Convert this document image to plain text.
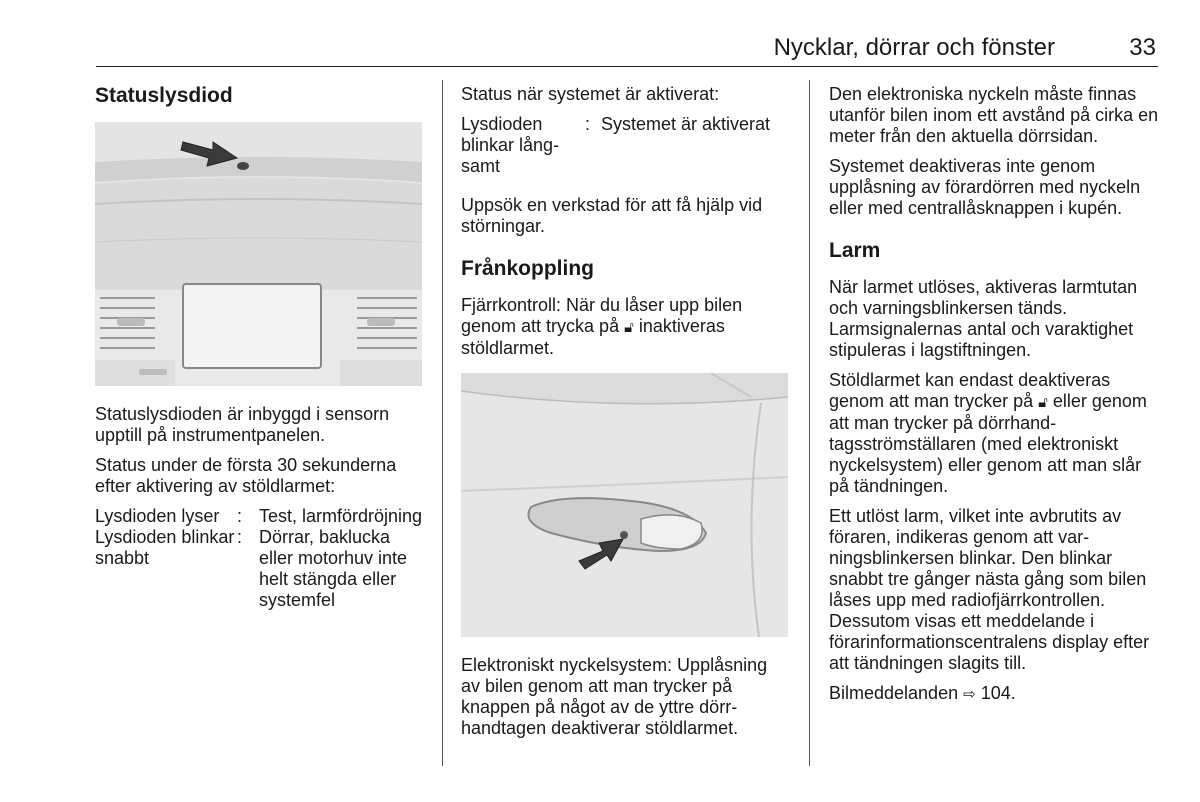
Nycklar, dörrar och fönster	33
Statuslysdiod

Statuslysdioden är inbyggd i sensorn upptill på instrumentpanelen.

Status under de första 30 sekunderna efter aktivering av stöldlarmet:

Lysdioden lyser : Test, larmfördröjning
Lysdioden blinkar snabbt
: Dörrar, baklucka eller motorhuv inte helt stängda eller systemfel

Status när systemet är aktiverat:

Lysdioden blinkar långsamt
: Systemet är aktiverat

Uppsök en verkstad för att få hjälp vid störningar.

Frånkoppling

Fjärrkontroll: När du låser upp bilen genom att trycka på 🔓︎ inaktiveras stöldlarmet.

Elektroniskt nyckelsystem: Upplåsning av bilen genom att man trycker på knappen på något av de yttre dörrhandtagen deaktiverar stöldlarmet.

Den elektroniska nyckeln måste finnas utanför bilen inom ett avstånd på cirka en meter från den aktuella dörrsidan.

Systemet deaktiveras inte genom upplåsning av förardörren med nyckeln eller med centrallåsknappen i kupén.

Larm

När larmet utlöses, aktiveras larmtutan och varningsblinkersen tänds. Larmsignalernas antal och varaktighet stipuleras i lagstiftningen.

Stöldlarmet kan endast deaktiveras genom att man trycker på 🔓︎ eller genom att man trycker på dörrhandtagsströmställaren (med elektroniskt nyckelsystem) eller genom att man slår på tändningen.

Ett utlöst larm, vilket inte avbrutits av föraren, indikeras genom att varningsblinkersen blinkar. Den blinkar snabbt tre gånger nästa gång som bilen låses upp med radiofjärrkontrollen. Dessutom visas ett meddelande i förarinformationscentralens display efter att tändningen slagits till.

Bilmeddelanden ⇨ 104.
